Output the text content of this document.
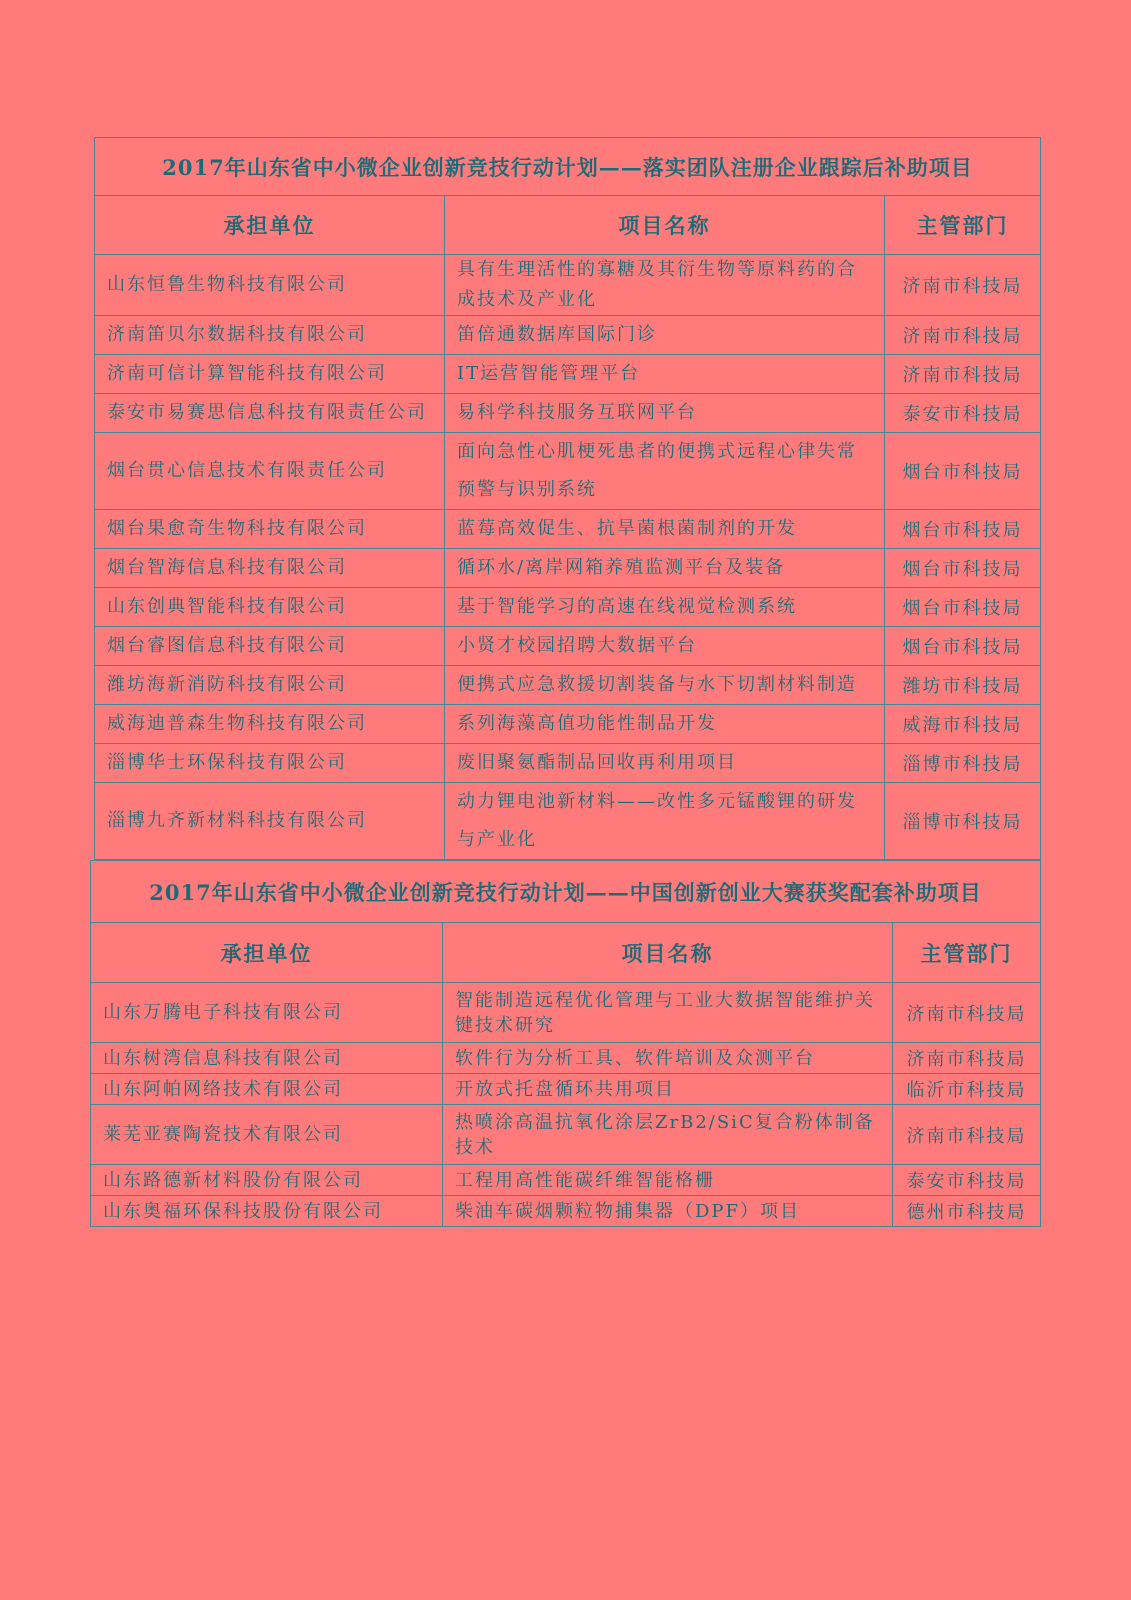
2017年山东省中小微企业创新竞技行动计划——落实团队注册企业跟踪后补助项目		
承担单位	项目名称	主管部门
山东恒鲁生物科技有限公司	具有生理活性的寡糖及其衍生物等原料药的合成技术及产业化	济南市科技局
济南笛贝尔数据科技有限公司	笛倍通数据库国际门诊	济南市科技局
济南可信计算智能科技有限公司	IT运营智能管理平台	济南市科技局
泰安市易赛思信息科技有限责任公司	易科学科技服务互联网平台	泰安市科技局
烟台贯心信息技术有限责任公司	面向急性心肌梗死患者的便携式远程心律失常预警与识别系统	烟台市科技局
烟台果愈奇生物科技有限公司	蓝莓高效促生、抗旱菌根菌制剂的开发	烟台市科技局
烟台智海信息科技有限公司	循环水/离岸网箱养殖监测平台及装备	烟台市科技局
山东创典智能科技有限公司	基于智能学习的高速在线视觉检测系统	烟台市科技局
烟台睿图信息科技有限公司	小贤才校园招聘大数据平台	烟台市科技局
潍坊海新消防科技有限公司	便携式应急救援切割装备与水下切割材料制造	潍坊市科技局
威海迪普森生物科技有限公司	系列海藻高值功能性制品开发	威海市科技局
淄博华士环保科技有限公司	废旧聚氨酯制品回收再利用项目	淄博市科技局
淄博九齐新材料科技有限公司	动力锂电池新材料——改性多元锰酸锂的研发与产业化	淄博市科技局
2017年山东省中小微企业创新竞技行动计划——中国创新创业大赛获奖配套补助项目		
承担单位	项目名称	主管部门
山东万腾电子科技有限公司	智能制造远程优化管理与工业大数据智能维护关键技术研究	济南市科技局
山东树湾信息科技有限公司	软件行为分析工具、软件培训及众测平台	济南市科技局
山东阿帕网络技术有限公司	开放式托盘循环共用项目	临沂市科技局
莱芜亚赛陶瓷技术有限公司	热喷涂高温抗氧化涂层ZrB2/SiC复合粉体制备技术	济南市科技局
山东路德新材料股份有限公司	工程用高性能碳纤维智能格栅	泰安市科技局
山东奥福环保科技股份有限公司	柴油车碳烟颗粒物捕集器（DPF）项目	德州市科技局
